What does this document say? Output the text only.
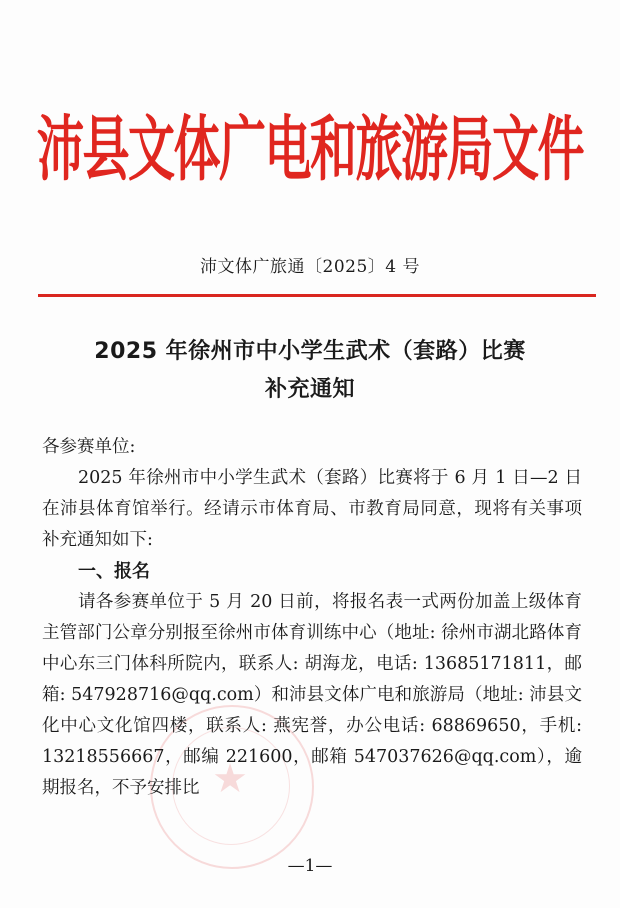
沛县文体广电和旅游局文件
沛文体广旅通〔2025〕4 号
2025 年徐州市中小学生武术（套路）比赛
补充通知
★

各参赛单位:

2025 年徐州市中小学生武术（套路）比赛将于 6 月 1 日—2 日在沛县体育馆举行。经请示市体育局、市教育局同意，现将有关事项补充通知如下:

一、报名

请各参赛单位于 5 月 20 日前，将报名表一式两份加盖上级体育主管部门公章分别报至徐州市体育训练中心（地址: 徐州市湖北路体育中心东三门体科所院内，联系人: 胡海龙，电话: 13685171811，邮箱: 547928716@qq.com）和沛县文体广电和旅游局（地址: 沛县文化中心文化馆四楼，联系人: 燕宪誉，办公电话: 68869650，手机: 13218556667，邮编 221600，邮箱 547037626@qq.com），逾期报名，不予安排比

—1—
